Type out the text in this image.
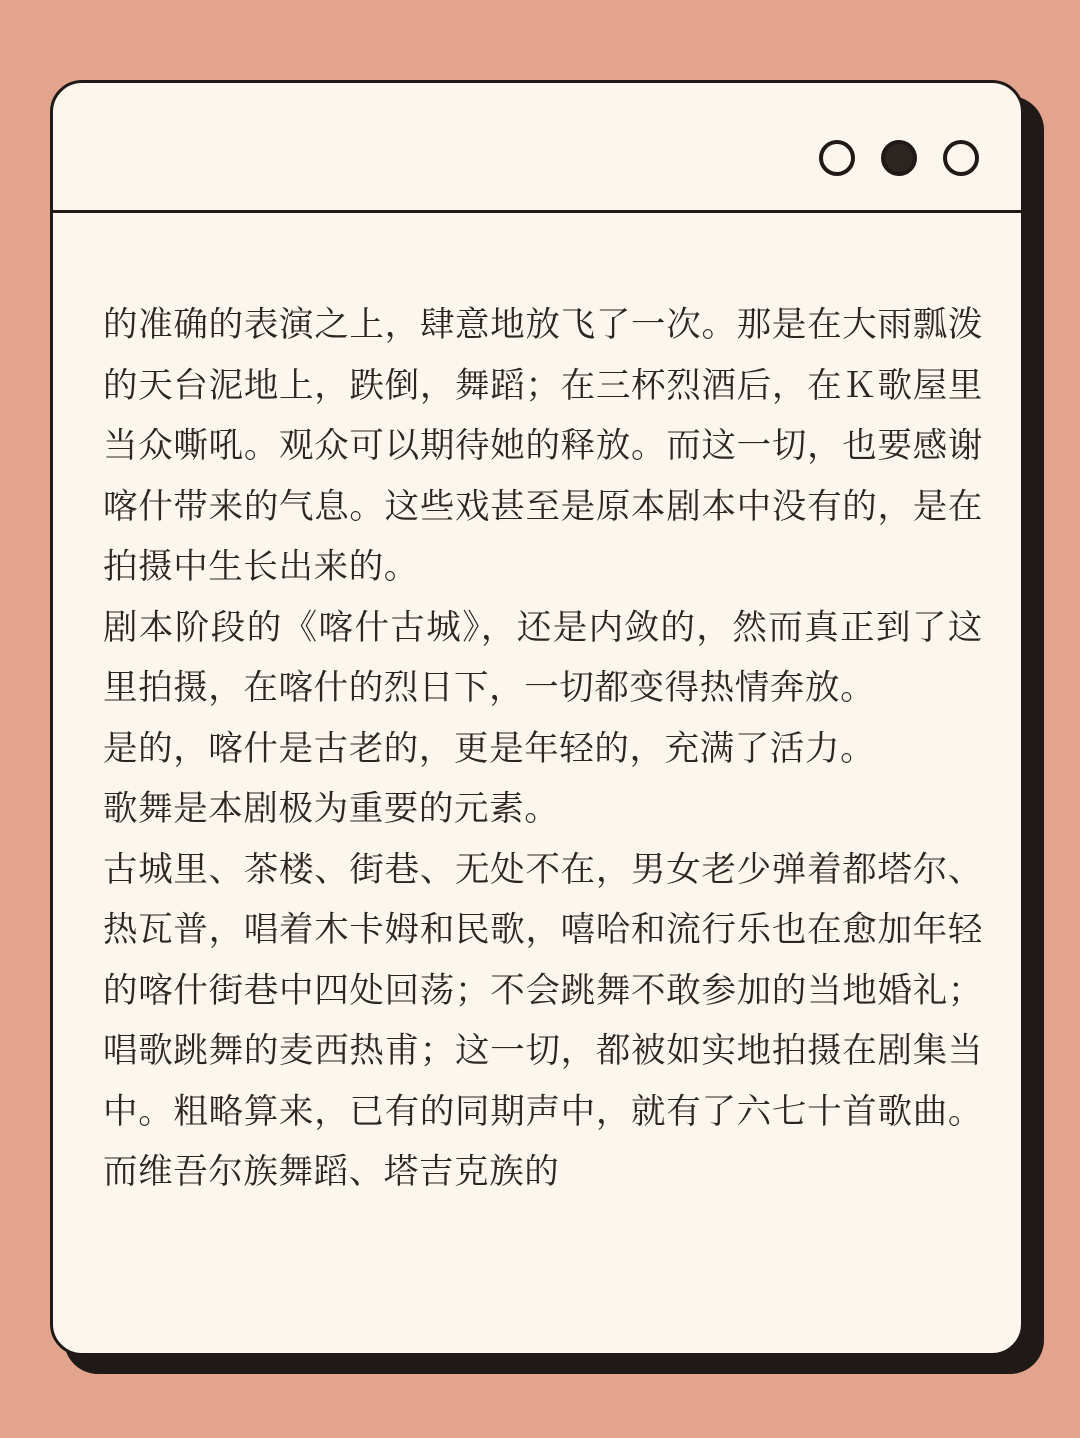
的准确的表演之上，肆意地放飞了一次。那是在大雨瓢泼的天台泥地上，跌倒，舞蹈；在三杯烈酒后，在Ｋ歌屋里当众嘶吼。观众可以期待她的释放。而这一切，也要感谢喀什带来的气息。这些戏甚至是原本剧本中没有的，是在拍摄中生长出来的。

剧本阶段的《喀什古城》，还是内敛的，然而真正到了这里拍摄，在喀什的烈日下，一切都变得热情奔放。

是的，喀什是古老的，更是年轻的，充满了活力。

歌舞是本剧极为重要的元素。

古城里、茶楼、街巷、无处不在，男女老少弹着都塔尔、热瓦普，唱着木卡姆和民歌，嘻哈和流行乐也在愈加年轻的喀什街巷中四处回荡；不会跳舞不敢参加的当地婚礼；唱歌跳舞的麦西热甫；这一切，都被如实地拍摄在剧集当中。粗略算来，已有的同期声中，就有了六七十首歌曲。而维吾尔族舞蹈、塔吉克族的
